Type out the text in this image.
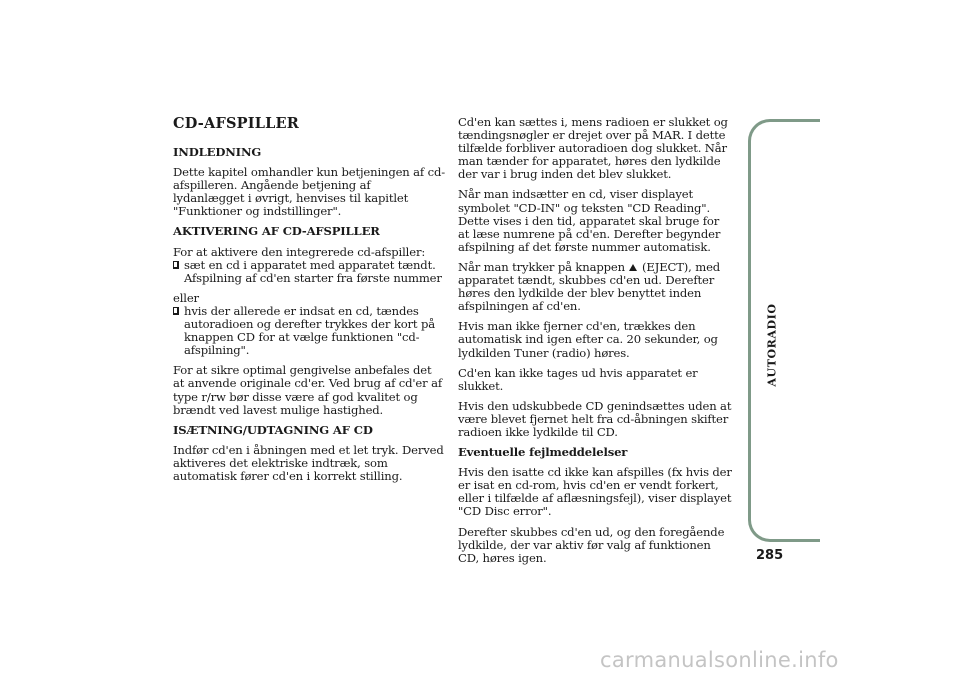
CD-AFSPILLER
INDLEDNING
Dette kapitel omhandler kun betjeningen af cd-afspilleren. Angående betjening af lydanlægget i øvrigt, henvises til kapitlet "Funktioner og indstillinger".
AKTIVERING AF CD-AFSPILLER
For at aktivere den integrerede cd-afspiller:
sæt en cd i apparatet med apparatet tændt. Afspilning af cd'en starter fra første nummer
eller
hvis der allerede er indsat en cd, tændes autoradioen og derefter trykkes der kort på knappen CD for at vælge funktionen "cd-afspilning".
For at sikre optimal gengivelse anbefales det at anvende originale cd'er. Ved brug af cd'er af type r/rw bør disse være af god kvalitet og brændt ved lavest mulige hastighed.
ISÆTNING/UDTAGNING AF CD
Indfør cd'en i åbningen med et let tryk. Derved aktiveres det elektriske indtræk, som automatisk fører cd'en i korrekt stilling.
Cd'en kan sættes i, mens radioen er slukket og tændingsnøgler er drejet over på MAR. I dette tilfælde forbliver autoradioen dog slukket. Når man tænder for apparatet, høres den lydkilde der var i brug inden det blev slukket.
Når man indsætter en cd, viser displayet symbolet "CD-IN" og teksten "CD Reading". Dette vises i den tid, apparatet skal bruge for at læse numrene på cd'en. Derefter begynder afspilning af det første nummer automatisk.
Når man trykker på knappen  (EJECT), med apparatet tændt, skubbes cd'en ud. Derefter høres den lydkilde der blev benyttet inden afspilningen af cd'en.
Hvis man ikke fjerner cd'en, trækkes den automatisk ind igen efter ca. 20 sekunder, og lydkilden Tuner (radio) høres.
Cd'en kan ikke tages ud hvis apparatet er slukket.
Hvis den udskubbede CD genindsættes uden at være blevet fjernet helt fra cd-åbningen skifter radioen ikke lydkilde til CD.
Eventuelle fejlmeddelelser
Hvis den isatte cd ikke kan afspilles (fx hvis der er isat en cd-rom, hvis cd'en er vendt forkert, eller i tilfælde af aflæsningsfejl), viser displayet "CD Disc error".
Derefter skubbes cd'en ud, og den foregående lydkilde, der var aktiv før valg af funktionen CD, høres igen.
AUTORADIO
285
carmanualsonline.info
